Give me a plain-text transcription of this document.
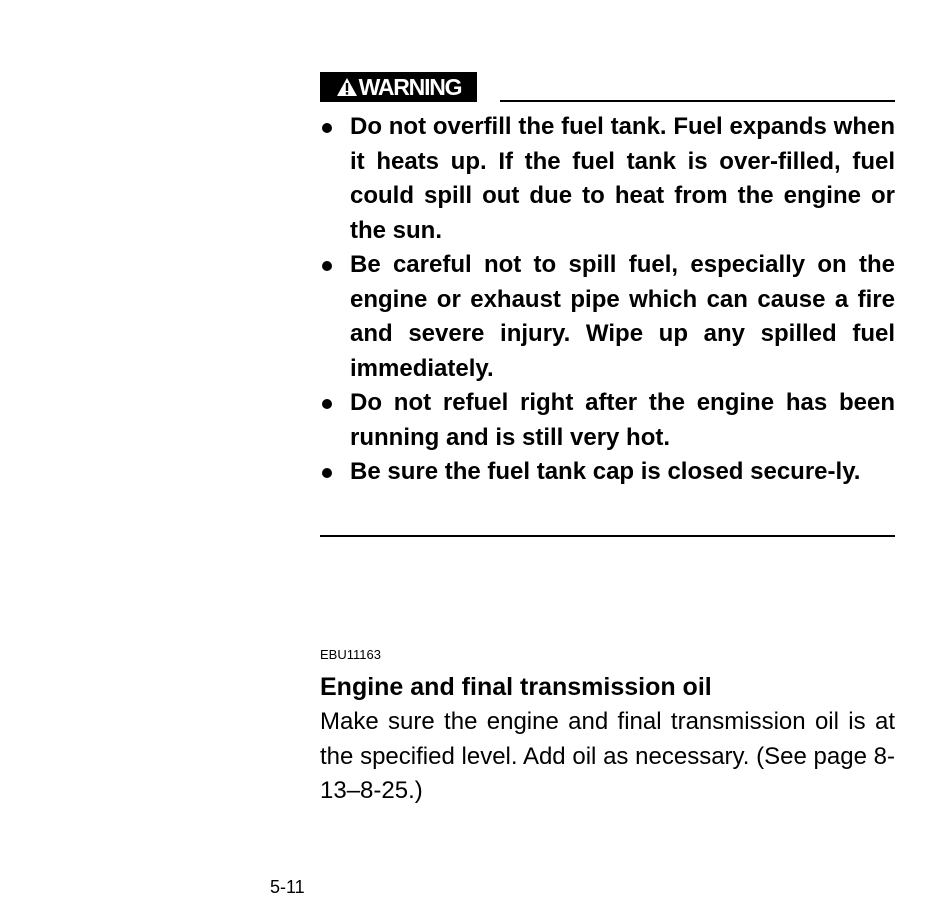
WARNING
Do not overfill the fuel tank. Fuel expands when it heats up. If the fuel tank is over-filled, fuel could spill out due to heat from the engine or the sun.
Be careful not to spill fuel, especially on the engine or exhaust pipe which can cause a fire and severe injury. Wipe up any spilled fuel immediately.
Do not refuel right after the engine has been running and is still very hot.
Be sure the fuel tank cap is closed secure-ly.
EBU11163
Engine and final transmission oil

Make sure the engine and final transmission oil is at the specified level. Add oil as necessary. (See page 8-13–8-25.)

5-11
